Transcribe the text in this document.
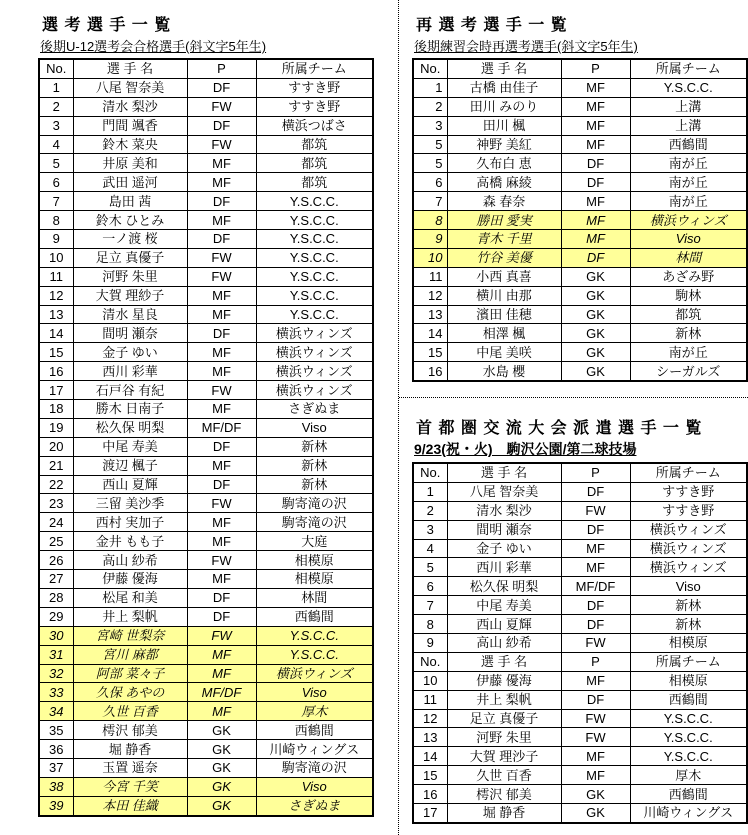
選 考 選 手 一 覧
後期U-12選考会合格選手(斜文字5年生)
No.	選 手 名	P	所属チーム
1	八尾 智奈美	DF	すすき野
2	清水 梨沙	FW	すすき野
3	門間 颯香	DF	横浜つばさ
4	鈴木 菜央	FW	都筑
5	井原 美和	MF	都筑
6	武田 遥河	MF	都筑
7	島田 茜	DF	Y.S.C.C.
8	鈴木 ひとみ	MF	Y.S.C.C.
9	一ノ渡 桜	DF	Y.S.C.C.
10	足立 真優子	FW	Y.S.C.C.
11	河野 朱里	FW	Y.S.C.C.
12	大賀 理紗子	MF	Y.S.C.C.
13	清水 星良	MF	Y.S.C.C.
14	間明 瀬奈	DF	横浜ウィンズ
15	金子 ゆい	MF	横浜ウィンズ
16	西川 彩華	MF	横浜ウィンズ
17	石戸谷 有紀	FW	横浜ウィンズ
18	勝木 日南子	MF	さぎぬま
19	松久保 明梨	MF/DF	Viso
20	中尾 寿美	DF	新林
21	渡辺 楓子	MF	新林
22	西山 夏輝	DF	新林
23	三留 美沙季	FW	駒寄滝の沢
24	西村 実加子	MF	駒寄滝の沢
25	金井 もも子	MF	大庭
26	高山 紗希	FW	相模原
27	伊藤 優海	MF	相模原
28	松尾 和美	DF	林間
29	井上 梨帆	DF	西鶴間
30	宮崎 世梨奈	FW	Y.S.C.C.
31	宮川 麻都	MF	Y.S.C.C.
32	阿部 菜々子	MF	横浜ウィンズ
33	久保 あやの	MF/DF	Viso
34	久世 百香	MF	厚木
35	樗沢 郁美	GK	西鶴間
36	堀 静香	GK	川崎ウィングス
37	玉置 遥奈	GK	駒寄滝の沢
38	今宮 千笑	GK	Viso
39	本田 佳織	GK	さぎぬま
再 選 考 選 手 一 覧
後期練習会時再選考選手(斜文字5年生)
No.	選 手 名	P	所属チーム
1	古橋 由佳子	MF	Y.S.C.C.
2	田川 みのり	MF	上溝
3	田川 楓	MF	上溝
5	神野 美紅	MF	西鶴間
5	久布白 恵	DF	南が丘
6	高橋 麻綾	DF	南が丘
7	森 春奈	MF	南が丘
8	勝田 愛実	MF	横浜ウィンズ
9	青木 千里	MF	Viso
10	竹谷 美優	DF	林間
11	小西 真喜	GK	あざみ野
12	横川 由那	GK	駒林
13	濱田 佳穂	GK	都筑
14	相澤 楓	GK	新林
15	中尾 美咲	GK	南が丘
16	水島 櫻	GK	シーガルズ
首 都 圏 交 流 大 会 派 遣 選 手 一 覧
9/23(祝・火)　駒沢公園/第二球技場
No.	選 手 名	P	所属チーム
1	八尾 智奈美	DF	すすき野
2	清水 梨沙	FW	すすき野
3	間明 瀬奈	DF	横浜ウィンズ
4	金子 ゆい	MF	横浜ウィンズ
5	西川 彩華	MF	横浜ウィンズ
6	松久保 明梨	MF/DF	Viso
7	中尾 寿美	DF	新林
8	西山 夏輝	DF	新林
9	高山 紗希	FW	相模原
No.	選 手 名	P	所属チーム
10	伊藤 優海	MF	相模原
11	井上 梨帆	DF	西鶴間
12	足立 真優子	FW	Y.S.C.C.
13	河野 朱里	FW	Y.S.C.C.
14	大賀 理沙子	MF	Y.S.C.C.
15	久世 百香	MF	厚木
16	樗沢 郁美	GK	西鶴間
17	堀 静香	GK	川崎ウィングス
